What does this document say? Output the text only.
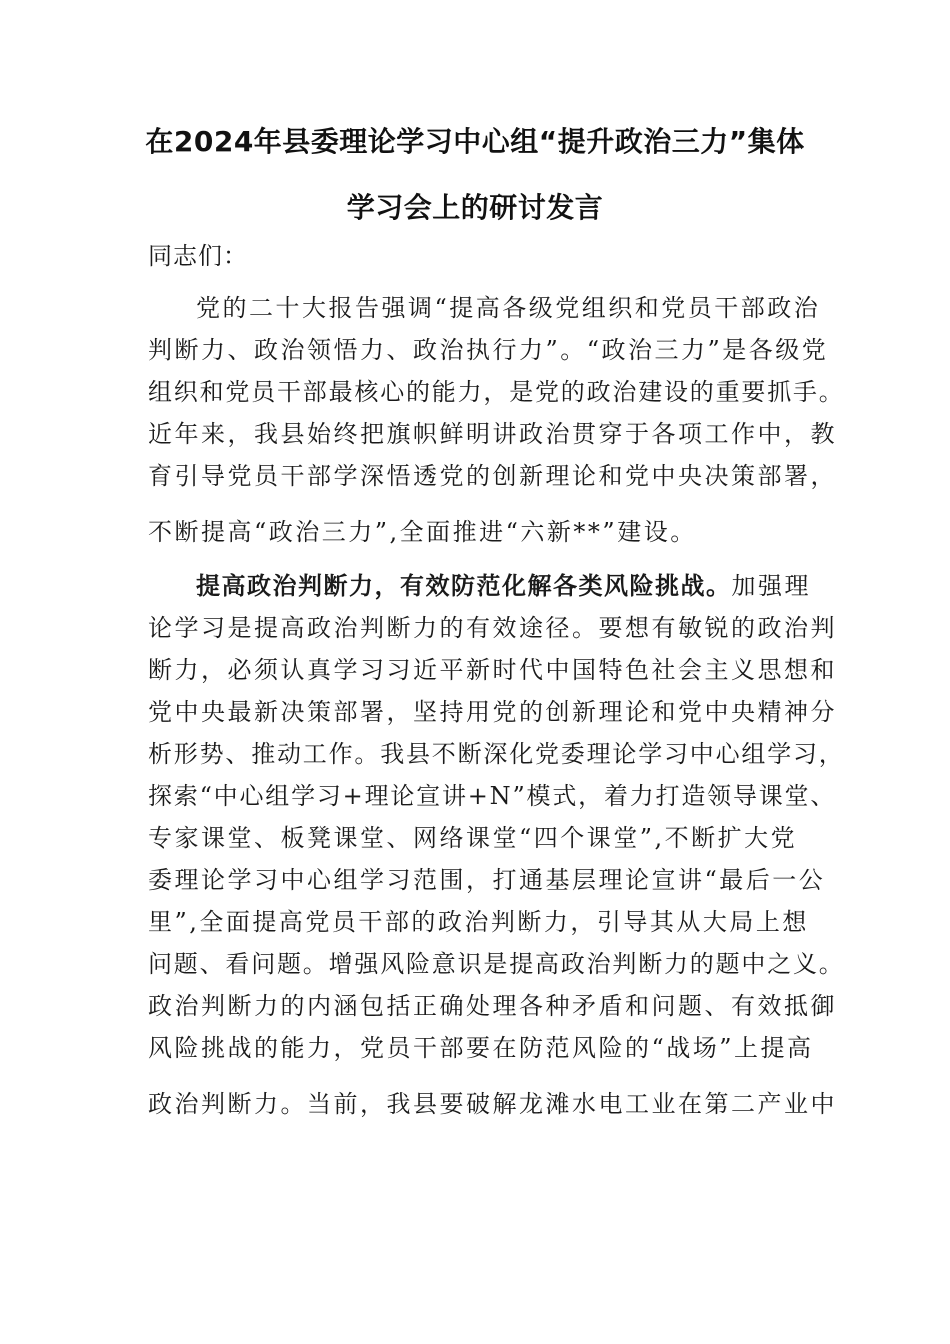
在2024年县委理论学习中心组“提升政治三力”集体
学习会上的研讨发言
同志们：
党的二十大报告强调“提高各级党组织和党员干部政治
判断力、政治领悟力、政治执行力”。“政治三力”是各级党
组织和党员干部最核心的能力，是党的政治建设的重要抓手。
近年来，我县始终把旗帜鲜明讲政治贯穿于各项工作中，教
育引导党员干部学深悟透党的创新理论和党中央决策部署，
不断提高“政治三力”,全面推进“六新**”建设。
提高政治判断力，有效防范化解各类风险挑战。加强理
论学习是提高政治判断力的有效途径。要想有敏锐的政治判
断力，必须认真学习习近平新时代中国特色社会主义思想和
党中央最新决策部署，坚持用党的创新理论和党中央精神分
析形势、推动工作。我县不断深化党委理论学习中心组学习，
探索“中心组学习+理论宣讲+N”模式，着力打造领导课堂、
专家课堂、板凳课堂、网络课堂“四个课堂”,不断扩大党
委理论学习中心组学习范围，打通基层理论宣讲“最后一公
里”,全面提高党员干部的政治判断力，引导其从大局上想
问题、看问题。增强风险意识是提高政治判断力的题中之义。
政治判断力的内涵包括正确处理各种矛盾和问题、有效抵御
风险挑战的能力，党员干部要在防范风险的“战场”上提高
政治判断力。当前，我县要破解龙滩水电工业在第二产业中
